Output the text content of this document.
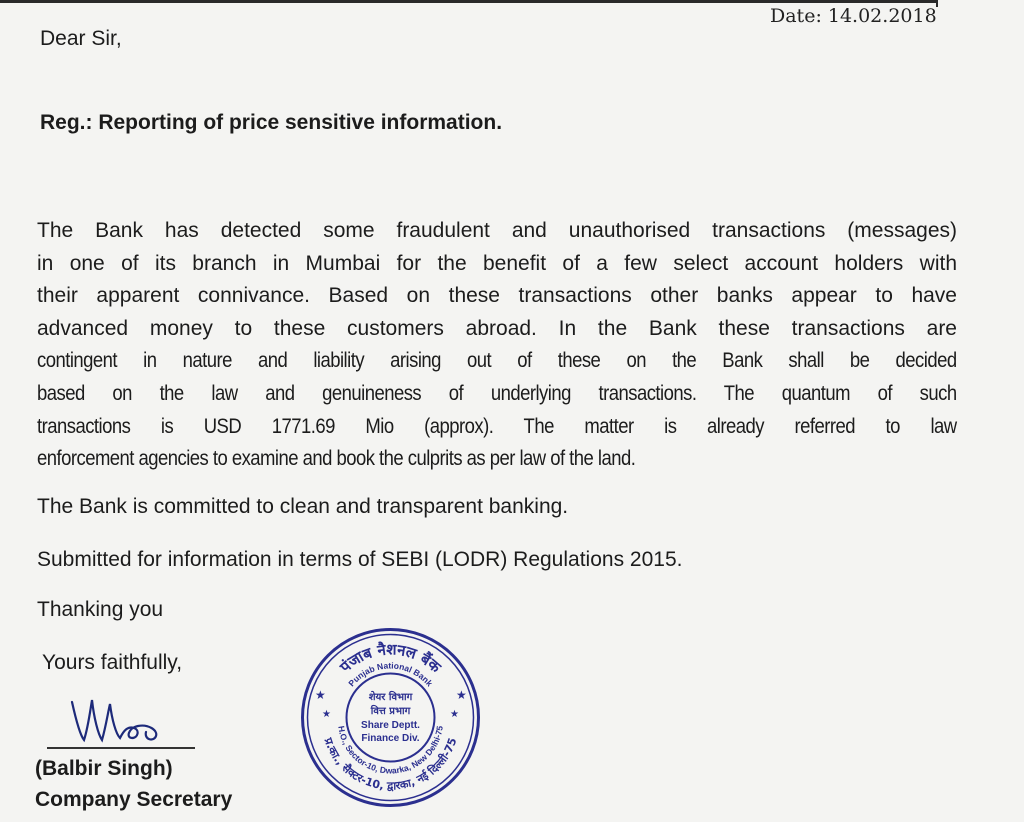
Date: 14.02.2018
Dear Sir,
Reg.: Reporting of price sensitive information.
The Bank has detected some fraudulent and unauthorised transactions (messages)
in one of its branch in Mumbai for the benefit of a few select account holders with
their apparent connivance. Based on these transactions other banks appear to have
advanced money to these customers abroad. In the Bank these transactions are
contingent in nature and liability arising out of these on the Bank shall be decided
based on the law and genuineness of underlying transactions. The quantum of such
transactions is USD 1771.69 Mio (approx). The matter is already referred to law
enforcement agencies to examine and book the culprits as per law of the land.
The Bank is committed to clean and transparent banking.
Submitted for information in terms of SEBI (LODR) Regulations 2015.
Thanking you
Yours faithfully,
(Balbir Singh)
Company Secretary
पंजाब नैशनल बैंक
Punjab National Bank
H.O., Sector-10, Dwarka, New Delhi-75
प्र.का., सैक्टर-10, द्वारका, नई दिल्ली-75
★
★
★
★
शेयर विभाग
वित्त प्रभाग
Share Deptt.
Finance Div.
